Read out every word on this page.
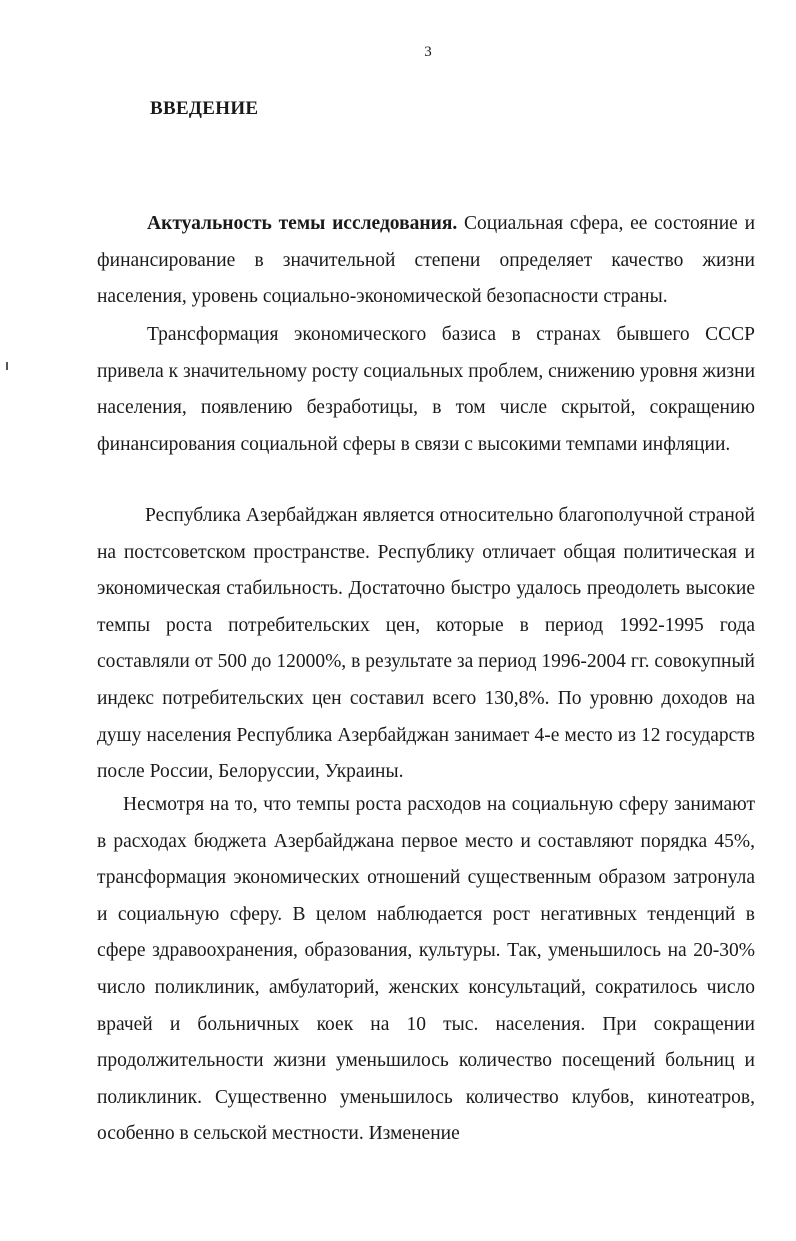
3
ВВЕДЕНИЕ

Актуальность темы исследования. Социальная сфера, ее состояние и финансирование в значительной степени определяет качество жизни населения, уровень социально-экономической безопасности страны.

Трансформация экономического базиса в странах бывшего СССР привела к значительному росту социальных проблем, снижению уровня жизни населения, появлению безработицы, в том числе скрытой, сокращению финансирования социальной сферы в связи с высокими темпами инфляции.

Республика Азербайджан является относительно благополучной страной на постсоветском пространстве. Республику отличает общая политическая и экономическая стабильность. Достаточно быстро удалось преодолеть высокие темпы роста потребительских цен, которые в период 1992-1995 года составляли от 500 до 12000%, в результате за период 1996-2004 гг. совокупный индекс потребительских цен составил всего 130,8%. По уровню доходов на душу населения Республика Азербайджан занимает 4-е место из 12 государств после России, Белоруссии, Украины.

Несмотря на то, что темпы роста расходов на социальную сферу занимают в расходах бюджета Азербайджана первое место и составляют порядка 45%, трансформация экономических отношений существенным образом затронула и социальную сферу. В целом наблюдается рост негативных тенденций в сфере здравоохранения, образования, культуры. Так, уменьшилось на 20-30% число поликлиник, амбулаторий, женских консультаций, сократилось число врачей и больничных коек на 10 тыс. населения. При сокращении продолжительности жизни уменьшилось количество посещений больниц и поликлиник. Существенно уменьшилось количество клубов, кинотеатров, особенно в сельской местности. Изменение
